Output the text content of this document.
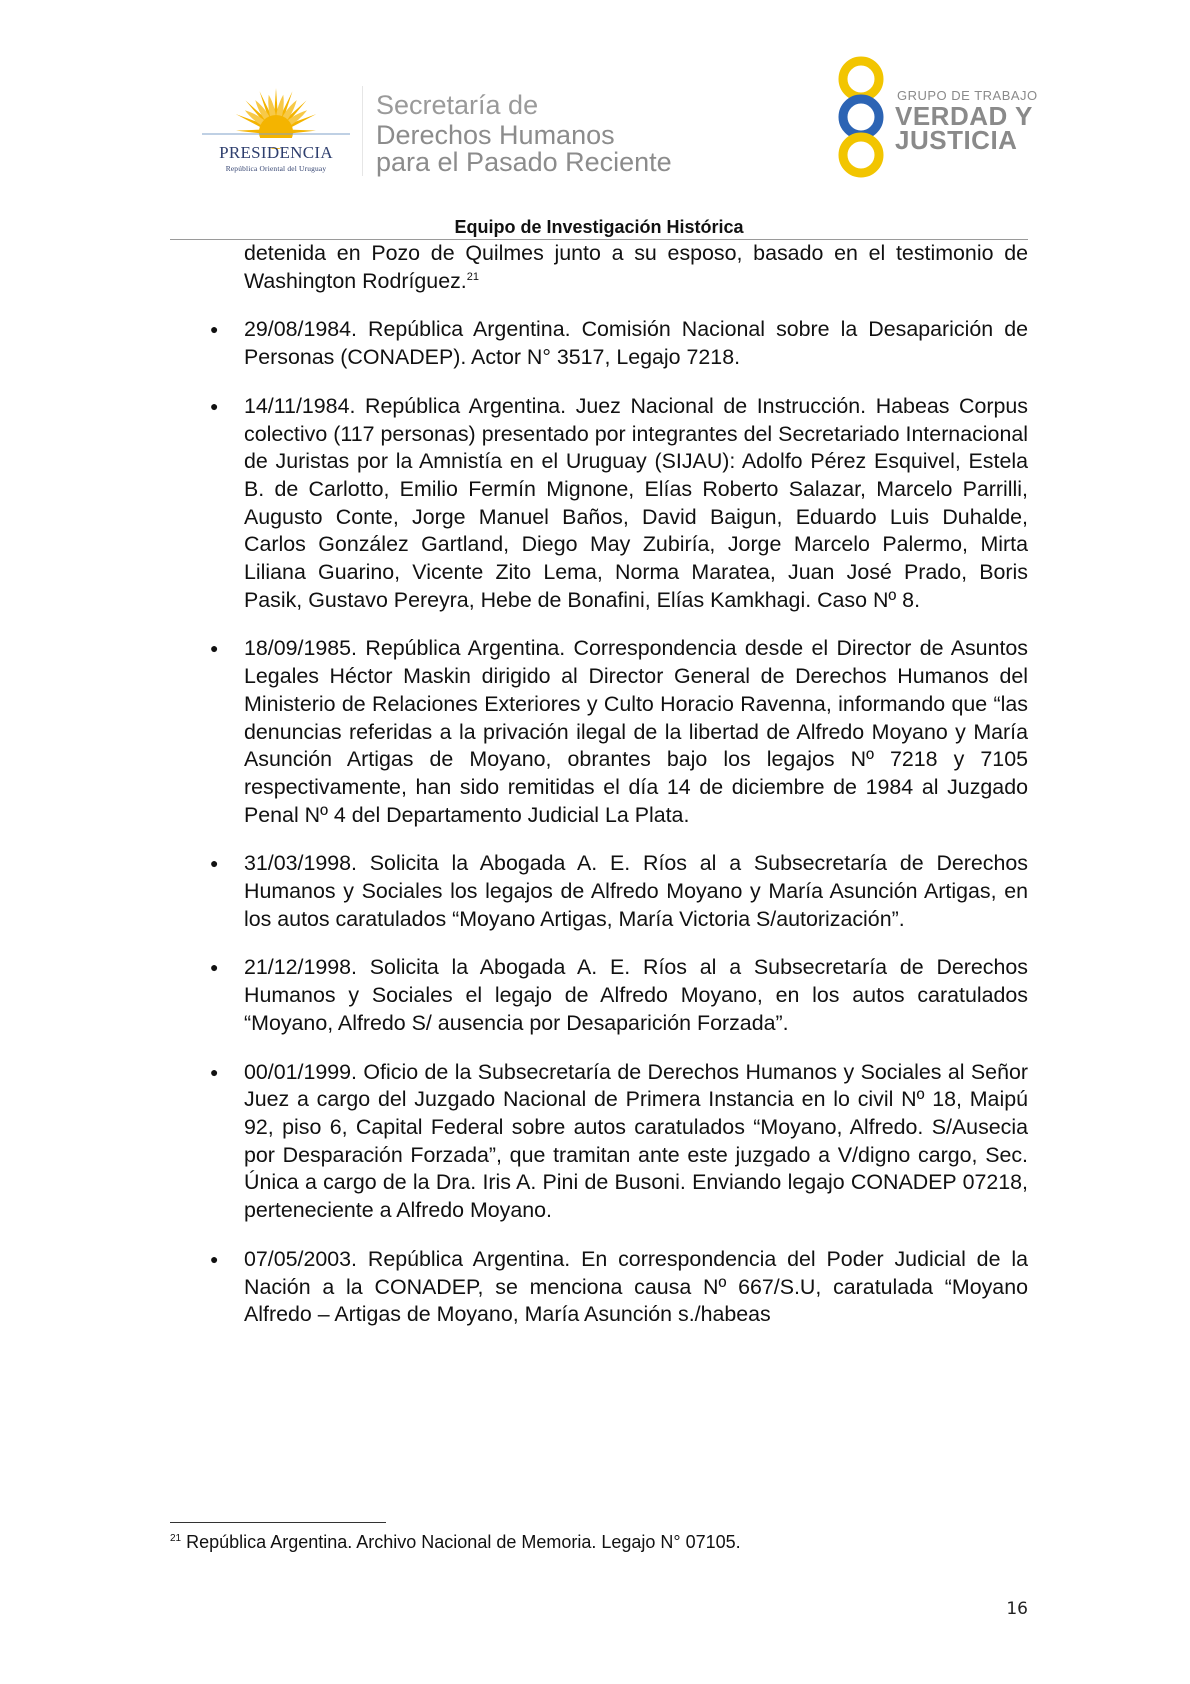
PRESIDENCIA
República Oriental del Uruguay
Secretaría de
Derechos Humanos
para el Pasado Reciente
GRUPO DE TRABAJO
VERDAD Y
JUSTICIA
Equipo de Investigación Histórica

detenida en Pozo de Quilmes junto a su esposo, basado en el testimonio de Washington Rodríguez.$^{21}$

● 29/08/1984. República Argentina. Comisión Nacional sobre la Desaparición de Personas (CONADEP). Actor N° 3517, Legajo 7218.
● 14/11/1984. República Argentina. Juez Nacional de Instrucción. Habeas Corpus colectivo (117 personas) presentado por integrantes del Secretariado Internacional de Juristas por la Amnistía en el Uruguay (SIJAU): Adolfo Pérez Esquivel, Estela B. de Carlotto, Emilio Fermín Mignone, Elías Roberto Salazar, Marcelo Parrilli, Augusto Conte, Jorge Manuel Baños, David Baigun, Eduardo Luis Duhalde, Carlos González Gartland, Diego May Zubiría, Jorge Marcelo Palermo, Mirta Liliana Guarino, Vicente Zito Lema, Norma Maratea, Juan José Prado, Boris Pasik, Gustavo Pereyra, Hebe de Bonafini, Elías Kamkhagi. Caso Nº 8.
● 18/09/1985. República Argentina. Correspondencia desde el Director de Asuntos Legales Héctor Maskin dirigido al Director General de Derechos Humanos del Ministerio de Relaciones Exteriores y Culto Horacio Ravenna, informando que “las denuncias referidas a la privación ilegal de la libertad de Alfredo Moyano y María Asunción Artigas de Moyano, obrantes bajo los legajos Nº 7218 y 7105 respectivamente, han sido remitidas el día 14 de diciembre de 1984 al Juzgado Penal Nº 4 del Departamento Judicial La Plata.
● 31/03/1998. Solicita la Abogada A. E. Ríos al a Subsecretaría de Derechos Humanos y Sociales los legajos de Alfredo Moyano y María Asunción Artigas, en los autos caratulados “Moyano Artigas, María Victoria S/autorización”.
● 21/12/1998. Solicita la Abogada A. E. Ríos al a Subsecretaría de Derechos Humanos y Sociales el legajo de Alfredo Moyano, en los autos caratulados “Moyano, Alfredo S/ ausencia por Desaparición Forzada”.
● 00/01/1999. Oficio de la Subsecretaría de Derechos Humanos y Sociales al Señor Juez a cargo del Juzgado Nacional de Primera Instancia en lo civil Nº 18, Maipú 92, piso 6, Capital Federal sobre autos caratulados “Moyano, Alfredo. S/Ausecia por Desparación Forzada”, que tramitan ante este juzgado a V/digno cargo, Sec. Única a cargo de la Dra. Iris A. Pini de Busoni. Enviando legajo CONADEP 07218, perteneciente a Alfredo Moyano.
● 07/05/2003. República Argentina. En correspondencia del Poder Judicial de la Nación a la CONADEP, se menciona causa Nº 667/S.U, caratulada “Moyano Alfredo – Artigas de Moyano, María Asunción s./habeas
$^{21}$ República Argentina. Archivo Nacional de Memoria. Legajo N° 07105.
16
